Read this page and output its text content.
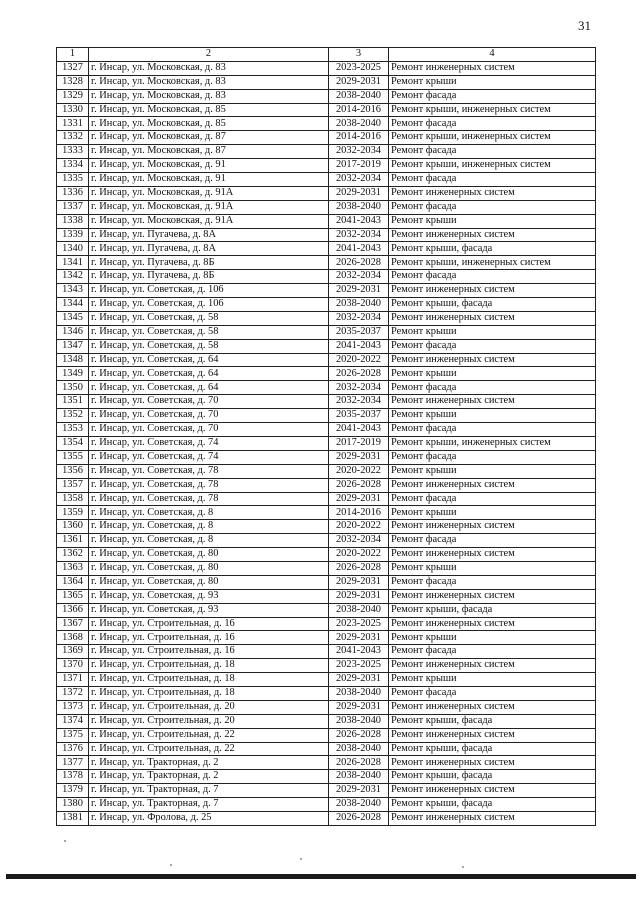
31
1	2	3	4
1327	г. Инсар, ул. Московская, д. 83	2023-2025	Ремонт инженерных систем
1328	г. Инсар, ул. Московская, д. 83	2029-2031	Ремонт крыши
1329	г. Инсар, ул. Московская, д. 83	2038-2040	Ремонт фасада
1330	г. Инсар, ул. Московская, д. 85	2014-2016	Ремонт крыши, инженерных систем
1331	г. Инсар, ул. Московская, д. 85	2038-2040	Ремонт фасада
1332	г. Инсар, ул. Московская, д. 87	2014-2016	Ремонт крыши, инженерных систем
1333	г. Инсар, ул. Московская, д. 87	2032-2034	Ремонт фасада
1334	г. Инсар, ул. Московская, д. 91	2017-2019	Ремонт крыши, инженерных систем
1335	г. Инсар, ул. Московская, д. 91	2032-2034	Ремонт фасада
1336	г. Инсар, ул. Московская, д. 91А	2029-2031	Ремонт инженерных систем
1337	г. Инсар, ул. Московская, д. 91А	2038-2040	Ремонт фасада
1338	г. Инсар, ул. Московская, д. 91А	2041-2043	Ремонт крыши
1339	г. Инсар, ул. Пугачева, д. 8А	2032-2034	Ремонт инженерных систем
1340	г. Инсар, ул. Пугачева, д. 8А	2041-2043	Ремонт крыши, фасада
1341	г. Инсар, ул. Пугачева, д. 8Б	2026-2028	Ремонт крыши, инженерных систем
1342	г. Инсар, ул. Пугачева, д. 8Б	2032-2034	Ремонт фасада
1343	г. Инсар, ул. Советская, д. 106	2029-2031	Ремонт инженерных систем
1344	г. Инсар, ул. Советская, д. 106	2038-2040	Ремонт крыши, фасада
1345	г. Инсар, ул. Советская, д. 58	2032-2034	Ремонт инженерных систем
1346	г. Инсар, ул. Советская, д. 58	2035-2037	Ремонт крыши
1347	г. Инсар, ул. Советская, д. 58	2041-2043	Ремонт фасада
1348	г. Инсар, ул. Советская, д. 64	2020-2022	Ремонт инженерных систем
1349	г. Инсар, ул. Советская, д. 64	2026-2028	Ремонт крыши
1350	г. Инсар, ул. Советская, д. 64	2032-2034	Ремонт фасада
1351	г. Инсар, ул. Советская, д. 70	2032-2034	Ремонт инженерных систем
1352	г. Инсар, ул. Советская, д. 70	2035-2037	Ремонт крыши
1353	г. Инсар, ул. Советская, д. 70	2041-2043	Ремонт фасада
1354	г. Инсар, ул. Советская, д. 74	2017-2019	Ремонт крыши, инженерных систем
1355	г. Инсар, ул. Советская, д. 74	2029-2031	Ремонт фасада
1356	г. Инсар, ул. Советская, д. 78	2020-2022	Ремонт крыши
1357	г. Инсар, ул. Советская, д. 78	2026-2028	Ремонт инженерных систем
1358	г. Инсар, ул. Советская, д. 78	2029-2031	Ремонт фасада
1359	г. Инсар, ул. Советская, д. 8	2014-2016	Ремонт крыши
1360	г. Инсар, ул. Советская, д. 8	2020-2022	Ремонт инженерных систем
1361	г. Инсар, ул. Советская, д. 8	2032-2034	Ремонт фасада
1362	г. Инсар, ул. Советская, д. 80	2020-2022	Ремонт инженерных систем
1363	г. Инсар, ул. Советская, д. 80	2026-2028	Ремонт крыши
1364	г. Инсар, ул. Советская, д. 80	2029-2031	Ремонт фасада
1365	г. Инсар, ул. Советская, д. 93	2029-2031	Ремонт инженерных систем
1366	г. Инсар, ул. Советская, д. 93	2038-2040	Ремонт крыши, фасада
1367	г. Инсар, ул. Строительная, д. 16	2023-2025	Ремонт инженерных систем
1368	г. Инсар, ул. Строительная, д. 16	2029-2031	Ремонт крыши
1369	г. Инсар, ул. Строительная, д. 16	2041-2043	Ремонт фасада
1370	г. Инсар, ул. Строительная, д. 18	2023-2025	Ремонт инженерных систем
1371	г. Инсар, ул. Строительная, д. 18	2029-2031	Ремонт крыши
1372	г. Инсар, ул. Строительная, д. 18	2038-2040	Ремонт фасада
1373	г. Инсар, ул. Строительная, д. 20	2029-2031	Ремонт инженерных систем
1374	г. Инсар, ул. Строительная, д. 20	2038-2040	Ремонт крыши, фасада
1375	г. Инсар, ул. Строительная, д. 22	2026-2028	Ремонт инженерных систем
1376	г. Инсар, ул. Строительная, д. 22	2038-2040	Ремонт крыши, фасада
1377	г. Инсар, ул. Тракторная, д. 2	2026-2028	Ремонт инженерных систем
1378	г. Инсар, ул. Тракторная, д. 2	2038-2040	Ремонт крыши, фасада
1379	г. Инсар, ул. Тракторная, д. 7	2029-2031	Ремонт инженерных систем
1380	г. Инсар, ул. Тракторная, д. 7	2038-2040	Ремонт крыши, фасада
1381	г. Инсар, ул. Фролова, д. 25	2026-2028	Ремонт инженерных систем
